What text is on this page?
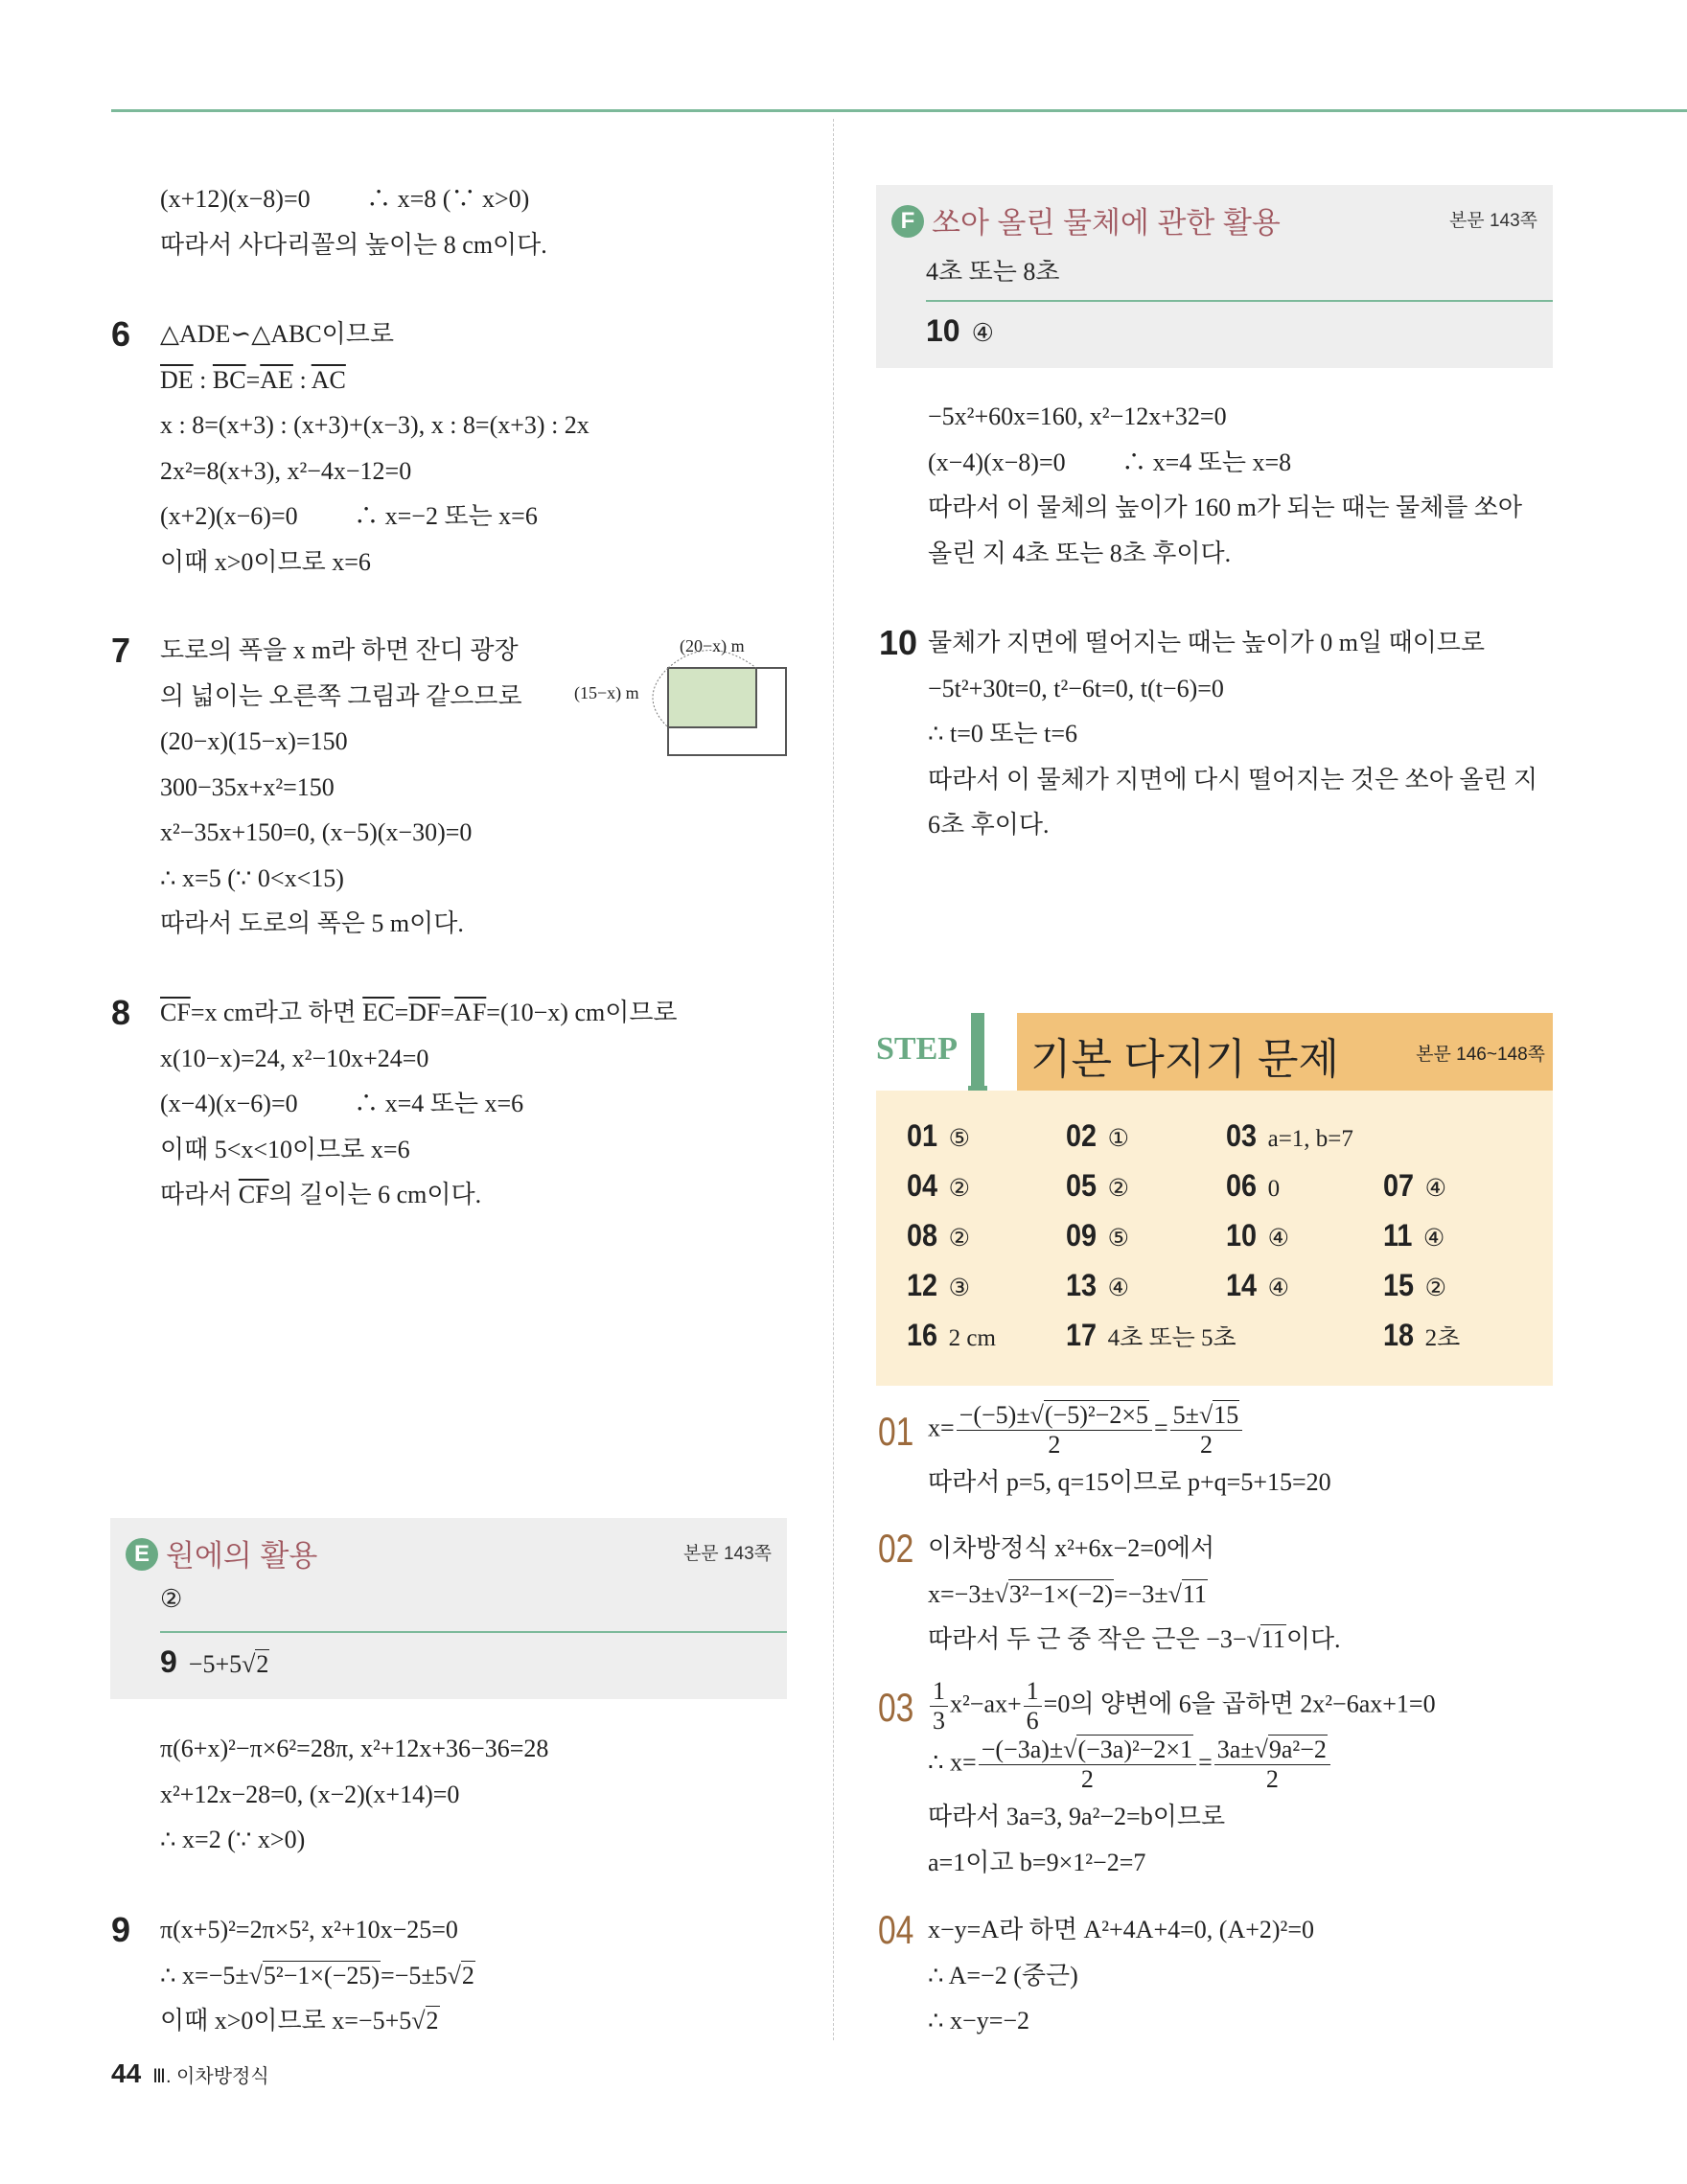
(x+12)(x−8)=0　　 ∴ x=8 (∵ x>0)
따라서 사다리꼴의 높이는 8 cm이다.
6 △ADE∽△ABC이므로
$\overline{DE}$ : $\overline{BC}=\overline{AE}$ : $\overline{AC}$
x : 8=(x+3) : (x+3)+(x−3), x : 8=(x+3) : 2x
2x²=8(x+3), x²−4x−12=0
(x+2)(x−6)=0　　 ∴ x=−2 또는 x=6
이때 x>0이므로 x=6
7 도로의 폭을 x m라 하면 잔디 광장
의 넓이는 오른쪽 그림과 같으므로
(20−x)(15−x)=150
300−35x+x²=150
x²−35x+150=0, (x−5)(x−30)=0
∴ x=5 (∵ 0<x<15)
따라서 도로의 폭은 5 m이다.
(20−x) m
(15−x) m
8 $\overline{CF}=x$ cm라고 하면 $\overline{EC}=\overline{DF}=\overline{AF}=(10-x)$ cm이므로
x(10−x)=24, x²−10x+24=0
(x−4)(x−6)=0　　 ∴ x=4 또는 x=6
이때 5<x<10이므로 x=6
따라서 $\overline{CF}$의 길이는 6 cm이다.
E 원에의 활용	본문 143쪽
②
9 −5+5√2
π(6+x)²−π×6²=28π, x²+12x+36−36=28
x²+12x−28=0, (x−2)(x+14)=0
∴ x=2 (∵ x>0)
9 π(x+5)²=2π×5², x²+10x−25=0
∴ x=−5±√5²−1×(−25)=−5±5√2
이때 x>0이므로 x=−5+5√2
44 Ⅲ. 이차방정식
F 쏘아 올린 물체에 관한 활용	본문 143쪽
4초 또는 8초
10 ④
−5x²+60x=160, x²−12x+32=0
(x−4)(x−8)=0　　 ∴ x=4 또는 x=8
따라서 이 물체의 높이가 160 m가 되는 때는 물체를 쏘아
올린 지 4초 또는 8초 후이다.
10 물체가 지면에 떨어지는 때는 높이가 0 m일 때이므로
−5t²+30t=0, t²−6t=0, t(t−6)=0
∴ t=0 또는 t=6
따라서 이 물체가 지면에 다시 떨어지는 것은 쏘아 올린 지
6초 후이다.
STEP 기본 다지기 문제	본문 146~148쪽
01 ⑤	02 ①	03 a=1, b=7
04 ②	05 ②	06 0	07 ④
08 ②	09 ⑤	10 ④	11 ④
12 ③	13 ④	14 ④	15 ②
16 2 cm	17 4초 또는 5초	18 2초
01 $x= \frac{\text{−(−5)±√(−5)²−2×5}}{2} = \frac{5\pm√15}{2}$
따라서 p=5, q=15이므로 p+q=5+15=20
02 이차방정식 x²+6x−2=0에서
x=−3±√3²−1×(−2)=−3±√11
따라서 두 근 중 작은 근은 −3−√11이다.
$03 \frac{1}{3} x^2-ax+ \frac{1}{6} =0$의 양변에 6을 곱하면 2x²−6ax+1=0
∴ $x= \frac{\text{−(−3a)±√(−3a)²−2×1}}{2} = \frac{\text{3a±√9a²−2}}{2}$
따라서 3a=3, 9a²−2=b이므로
a=1이고 b=9×1²−2=7
04 x−y=A라 하면 A²+4A+4=0, (A+2)²=0
∴ A=−2 (중근)
∴ x−y=−2
